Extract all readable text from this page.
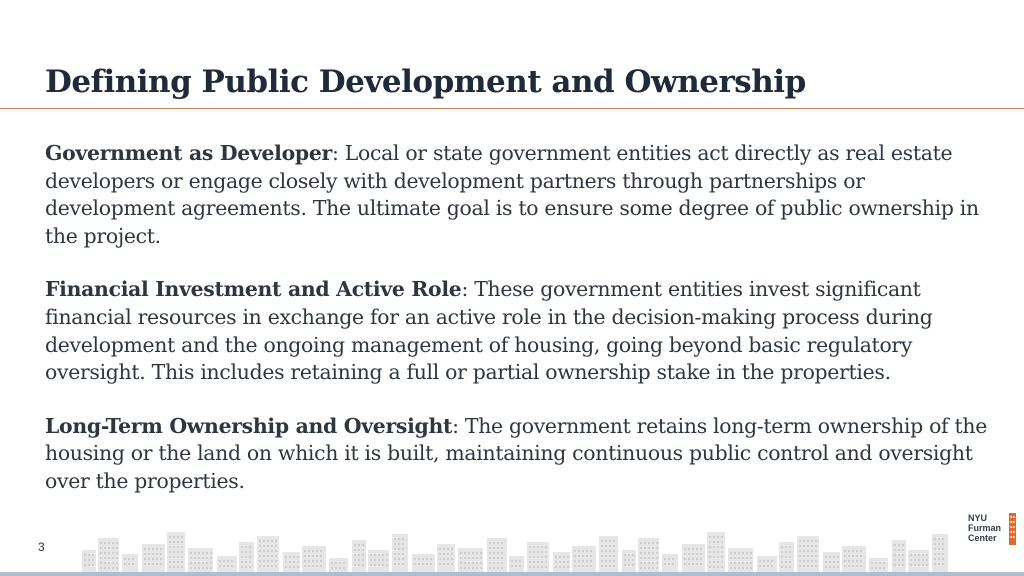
Defining Public Development and Ownership

Government as Developer: Local or state government entities act directly as real estate developers or engage closely with development partners through partnerships or development agreements. The ultimate goal is to ensure some degree of public ownership in the project.

Financial Investment and Active Role: These government entities invest significant financial resources in exchange for an active role in the decision-making process during development and the ongoing management of housing, going beyond basic regulatory oversight. This includes retaining a full or partial ownership stake in the properties.

Long-Term Ownership and Oversight: The government retains long-term ownership of the housing or the land on which it is built, maintaining continuous public control and oversight over the properties.

3
NYU
Furman
Center
